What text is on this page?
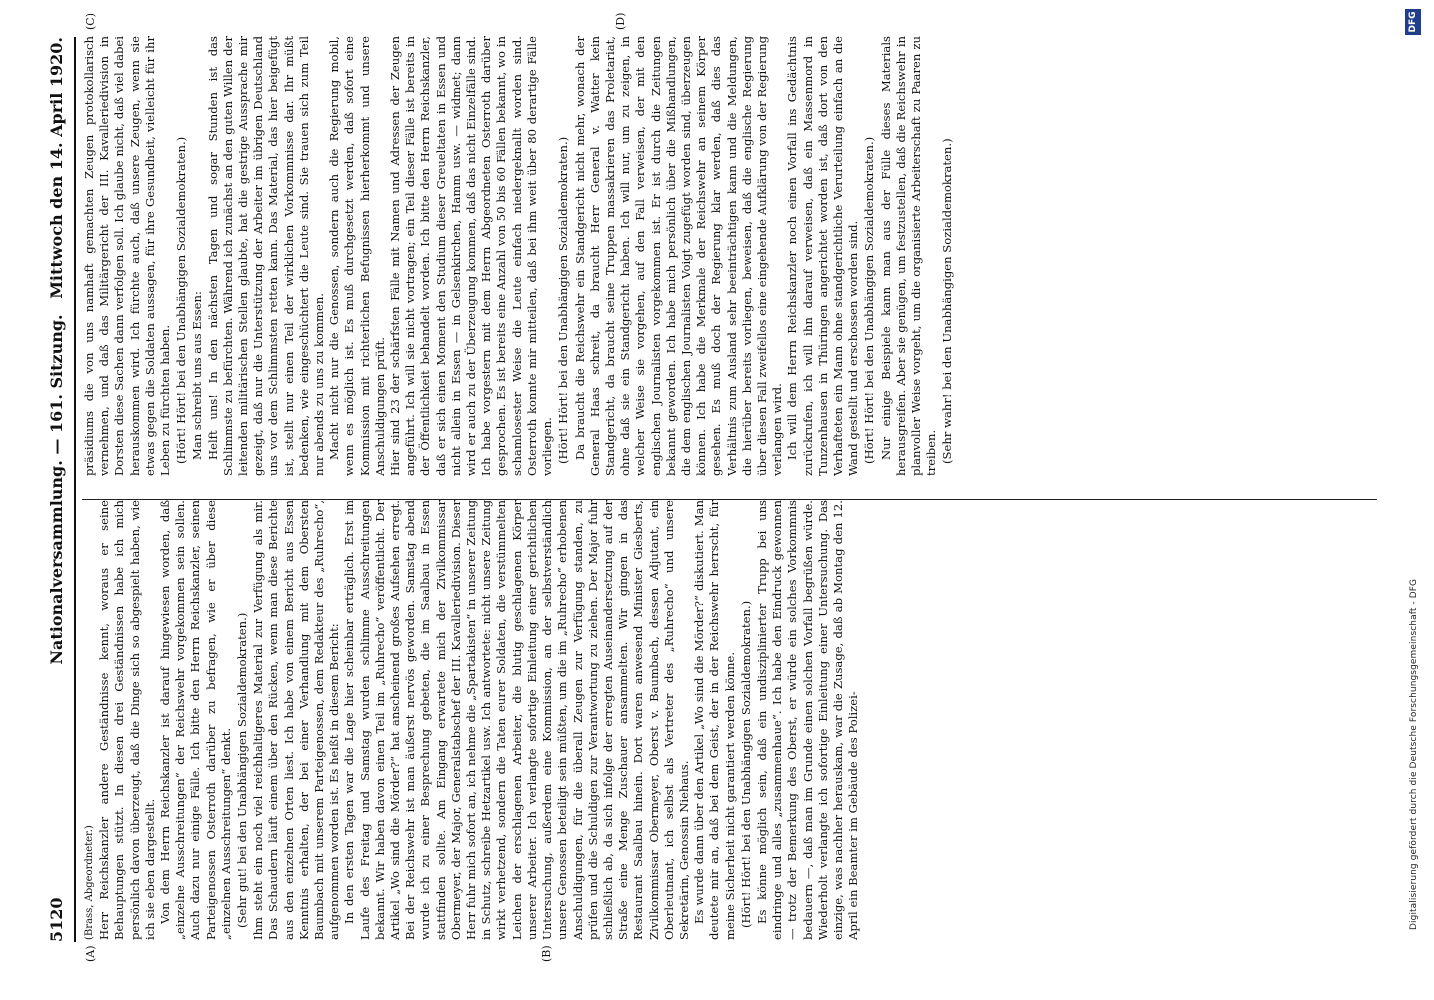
5120
Nationalversammlung. — 161. Sitzung.
Mittwoch den 14. April 1920.
(A)	(B)
(C)	(D)

(Brass, Abgeordneter.) Herr Reichskanzler andere Geständnisse kennt, woraus er seine Behauptungen stützt. In diesen drei Geständnissen habe ich mich persönlich davon überzeugt, daß die Dinge sich so abgespielt haben, wie ich sie eben dargestellt. Von dem Herrn Reichskanzler ist darauf hingewiesen worden, daß „einzelne Ausschreitungen“ der Reichswehr vorgekommen sein sollen. Auch dazu nur einige Fälle. Ich bitte den Herrn Reichskanzler, seinen Parteigenossen Osterroth darüber zu befragen, wie er über diese „einzelnen Ausschreitungen“ denkt. (Sehr gut! bei den Unabhängigen Sozialdemokraten.) Ihm steht ein noch viel reichhaltigeres Material zur Verfügung als mir. Das Schaudern läuft einem über den Rücken, wenn man diese Berichte aus den einzelnen Orten liest. Ich habe von einem Bericht aus Essen Kenntnis erhalten, der bei einer Verhandlung mit dem Obersten Baumbach mit unserem Parteigenossen, dem Redakteur des „Ruhrecho“, aufgenommen worden ist. Es heißt in diesem Bericht: In den ersten Tagen war die Lage hier scheinbar erträglich. Erst im Laufe des Freitag und Samstag wurden schlimme Ausschreitungen bekannt. Wir haben davon einen Teil im „Ruhrecho“ veröffentlicht. Der Artikel „Wo sind die Mörder?“ hat anscheinend großes Aufsehen erregt. Bei der Reichswehr ist man äußerst nervös geworden. Samstag abend wurde ich zu einer Besprechung gebeten, die im Saalbau in Essen stattfinden sollte. Am Eingang erwartete mich der Zivilkommissar Obermeyer, der Major, Generalstabschef der III. Kavalleriedivision. Dieser Herr fuhr mich sofort an, ich nehme die „Spartakisten“ in unserer Zeitung in Schutz, schreibe Hetzartikel usw. Ich antwortete: nicht unsere Zeitung wirkt verhetzend, sondern die Taten eurer Soldaten, die verstümmelten Leichen der erschlagenen Arbeiter, die blutig geschlagenen Körper unserer Arbeiter. Ich verlangte sofortige Einleitung einer gerichtlichen Untersuchung, außerdem eine Kommission, an der selbstverständlich unsere Genossen beteiligt sein müßten, um die im „Ruhrecho“ erhobenen Anschuldigungen, für die überall Zeugen zur Verfügung standen, zu prüfen und die Schuldigen zur Verantwortung zu ziehen. Der Major fuhr schließlich ab, da sich infolge der erregten Auseinandersetzung auf der Straße eine Menge Zuschauer ansammelten. Wir gingen in das Restaurant Saalbau hinein. Dort waren anwesend Minister Giesberts, Zivilkommissar Obermeyer, Oberst v. Baumbach, dessen Adjutant, ein Oberleutnant, ich selbst als Vertreter des „Ruhrecho“ und unsere Sekretärin, Genossin Niehaus. Es wurde dann über den Artikel „Wo sind die Mörder?“ diskutiert. Man deutete mir an, daß bei dem Geist, der in der Reichswehr herrscht, für meine Sicherheit nicht garantiert werden könne. (Hört! Hört! bei den Unabhängigen Sozialdemokraten.) Es könne möglich sein, daß ein undisziplinierter Trupp bei uns eindringe und alles „zusammenhaue“. Ich habe den Eindruck gewonnen — trotz der Bemerkung des Oberst, er würde ein solches Vorkommnis bedauern —, daß man im Grunde einen solchen Vorfall begrüßen würde. Wiederholt verlangte ich sofortige Einleitung einer Untersuchung. Das einzige, was nachher herauskam, war die Zusage, daß ab Montag den 12. April ein Beamter im Gebäude des Polizei-

präsidiums die von uns namhaft gemachten Zeugen protokollarisch vernehmen, und daß das Militärgericht der III. Kavalleriedivision in Dorsten diese Sachen dann verfolgen soll. Ich glaube nicht, daß viel dabei herauskommen wird. Ich fürchte auch, daß unsere Zeugen, wenn sie etwas gegen die Soldaten aussagen, für ihre Gesundheit, vielleicht für ihr Leben zu fürchten haben. (Hört! Hört! bei den Unabhängigen Sozialdemokraten.) Man schreibt uns aus Essen: Helft uns! In den nächsten Tagen und sogar Stunden ist das Schlimmste zu befürchten. Während ich zunächst an den guten Willen der leitenden militärischen Stellen glaubte, hat die gestrige Aussprache mir gezeigt, daß nur die Unterstützung der Arbeiter im übrigen Deutschland uns vor dem Schlimmsten retten kann. Das Material, das hier beigefügt ist, stellt nur einen Teil der wirklichen Vorkommnisse dar. Ihr müßt bedenken, wie eingeschüchtert die Leute sind. Sie trauen sich zum Teil nur abends zu uns zu kommen. Macht nicht nur die Genossen, sondern auch die Regierung mobil, wenn es möglich ist. Es muß durchgesetzt werden, daß sofort eine Kommission mit richterlichen Befugnissen hierherkommt und unsere Anschuldigungen prüft. Hier sind 23 der schärfsten Fälle mit Namen und Adressen der Zeugen angeführt. Ich will sie nicht vortragen; ein Teil dieser Fälle ist bereits in der Öffentlichkeit behandelt worden. Ich bitte den Herrn Reichskanzler, daß er sich einen Moment den Studium dieser Greueltaten in Essen und nicht allein in Essen — in Gelsenkirchen, Hamm usw. — widmet; dann wird er auch zu der Überzeugung kommen, daß das nicht Einzelfälle sind. Ich habe vorgestern mit dem Herrn Abgeordneten Osterroth darüber gesprochen. Es ist bereits eine Anzahl von 50 bis 60 Fällen bekannt, wo in schamlosester Weise die Leute einfach niedergeknallt worden sind. Osterroth konnte mir mitteilen, daß bei ihm weit über 80 derartige Fälle vorliegen. (Hört! Hört! bei den Unabhängigen Sozialdemokraten.) Da braucht die Reichswehr ein Standgericht nicht mehr, wonach der General Haas schreit, da braucht Herr General v. Watter kein Standgericht, da braucht seine Truppen massakrieren das Proletariat, ohne daß sie ein Standgericht haben. Ich will nur, um zu zeigen, in welcher Weise sie vorgehen, auf den Fall verweisen, der mit den englischen Journalisten vorgekommen ist. Er ist durch die Zeitungen bekannt geworden. Ich habe mich persönlich über die Mißhandlungen, die dem englischen Journalisten Voigt zugefügt worden sind, überzeugen können. Ich habe die Merkmale der Reichswehr an seinem Körper gesehen. Es muß doch der Regierung klar werden, daß dies das Verhältnis zum Ausland sehr beeinträchtigen kann und die Meldungen, die hierüber bereits vorliegen, beweisen, daß die englische Regierung über diesen Fall zweifellos eine eingehende Aufklärung von der Regierung verlangen wird. Ich will dem Herrn Reichskanzler noch einen Vorfall ins Gedächtnis zurückrufen, ich will ihn darauf verweisen, daß ein Massenmord in Tunzenhausen in Thüringen angerichtet worden ist, daß dort von den Verhafteten ein Mann ohne standgerichtliche Verurteilung einfach an die Wand gestellt und erschossen worden sind. (Hört! Hört! bei den Unabhängigen Sozialdemokraten.) Nur einige Beispiele kann man aus der Fülle dieses Materials herausgreifen. Aber sie genügen, um festzustellen, daß die Reichswehr in planvoller Weise vorgeht, um die organisierte Arbeiterschaft zu Paaren zu treiben. (Sehr wahr! bei den Unabhängigen Sozialdemokraten.)

Digitalisierung gefördert durch die Deutsche Forschungsgemeinschaft - DFG
DFG
